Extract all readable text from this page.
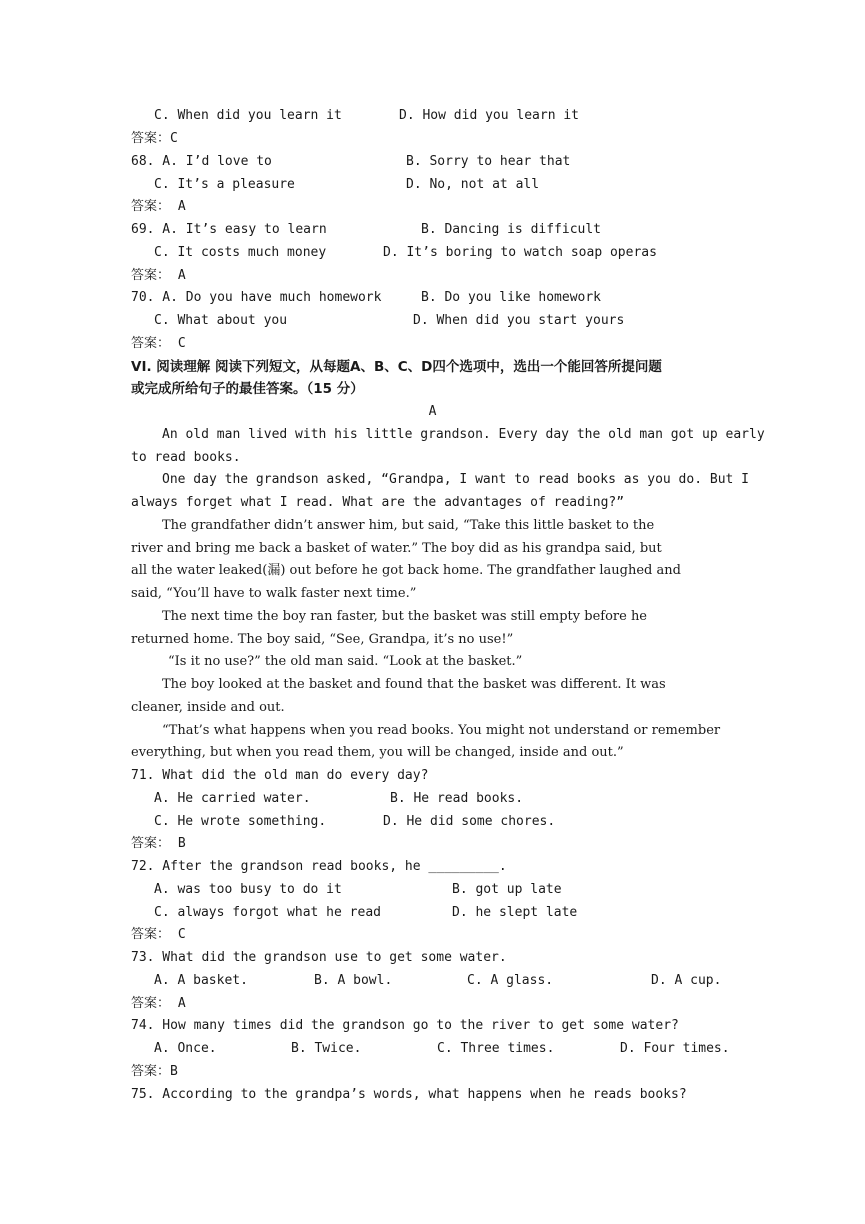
C. When did you learn it	D. How did you learn it
答案：C
68. A. I’d love to	B. Sorry to hear that
C. It’s a pleasure	D. No, not at all
答案： A
69. A. It’s easy to learn	B. Dancing is difficult
C. It costs much money	D. It’s boring to watch soap operas
答案： A
70. A. Do you have much homework	B. Do you like homework
C. What about you	D. When did you start yours
答案： C
VI. 阅读理解 阅读下列短文，从每题A、B、C、D四个选项中，选出一个能回答所提问题
或完成所给句子的最佳答案。（15 分）
A
An old man lived with his little grandson. Every day the old man got up early
to read books.
One day the grandson asked, “Grandpa, I want to read books as you do. But I
always forget what I read. What are the advantages of reading?”
The grandfather didn’t answer him, but said, “Take this little basket to the
river and bring me back a basket of water.” The boy did as his grandpa said, but
all the water leaked(漏) out before he got back home. The grandfather laughed and
said, “You’ll have to walk faster next time.”
The next time the boy ran faster, but the basket was still empty before he
returned home. The boy said, “See, Grandpa, it’s no use!”
“Is it no use?” the old man said. “Look at the basket.”
The boy looked at the basket and found that the basket was different. It was
cleaner, inside and out.
“That’s what happens when you read books. You might not understand or remember
everything, but when you read them, you will be changed, inside and out.”
71. What did the old man do every day?
A. He carried water.	B. He read books.
C. He wrote something.	D. He did some chores.
答案： B
72. After the grandson read books, he _________.
A. was too busy to do it	B. got up late
C. always forgot what he read	D. he slept late
答案： C
73. What did the grandson use to get some water.
A. A basket.	B. A bowl.	C. A glass.	D. A cup.
答案： A
74. How many times did the grandson go to the river to get some water?
A. Once.	B. Twice.	C. Three times.	D. Four times.
答案：B
75. According to the grandpa’s words, what happens when he reads books?
